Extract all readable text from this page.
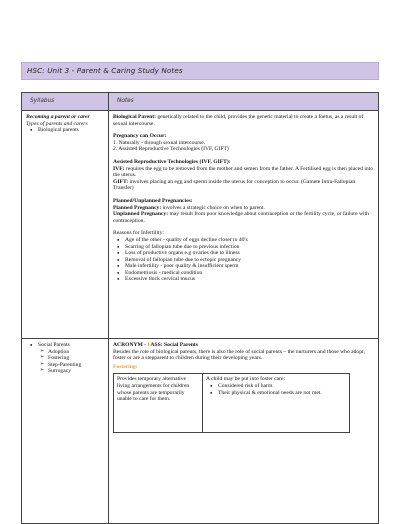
HSC: Unit 3 - Parent & Caring Study Notes
Syllabus	Notes
Becoming a parent or carer
Types of parents and carers
● Biological parents
Biological Parent: genetically related to the child, provides the genetic material to create a foetus, as a result of sexual intercourse.
Pregnancy can Occur:
1. Naturally - through sexual intercourse.
2. Assisted Reproductive Technologies (IVF, GIFT)
Assisted Reproductive Technologies (IVF, GIFT):
IVF: requires the egg to be removed from the mother and semen from the father. A Fertilised egg is then placed into the uterus.
GIFT: involves placing an egg and sperm inside the uterus for conception to occur. (Gamete Intra-Fallopian Transfer)
Planned/Unplanned Pregnancies:
Planned Pregnancy: involves a strategic choice on when to parent.
Unplanned Pregnancy: may result from poor knowledge about contraception or the fertility cycle, or failure with contraception.
Reasons for Infertility:
● Age of the other - quality of eggs decline closer to 40's
● Scarring of fallopian tube due to previous infection
● Loss of productive organs e.g ovaries due to illness
● Removal of fallopian tube due to ectopic pregnancy
● Male infertility - poor quality & insufficient sperm
● Endometriosis - medical condition
● Excessive thick cervical mucus
● Social Parents
➢ Adoption
➢ Fostering
➢ Step-Parenting
➢ Surrogacy
ACRONYM - FASS: Social Parents
Besides the role of biological parents, there is also the role of social parents – the nurturers and those who adopt, foster or are a stepparent to children during their developing years.
Fostering:
Provides temporary alternative living arrangements for children whose parents are temporarily unable to care for them.
A child may be put into foster care:
● Considered risk of harm.
● Their physical & emotional needs are not met.
